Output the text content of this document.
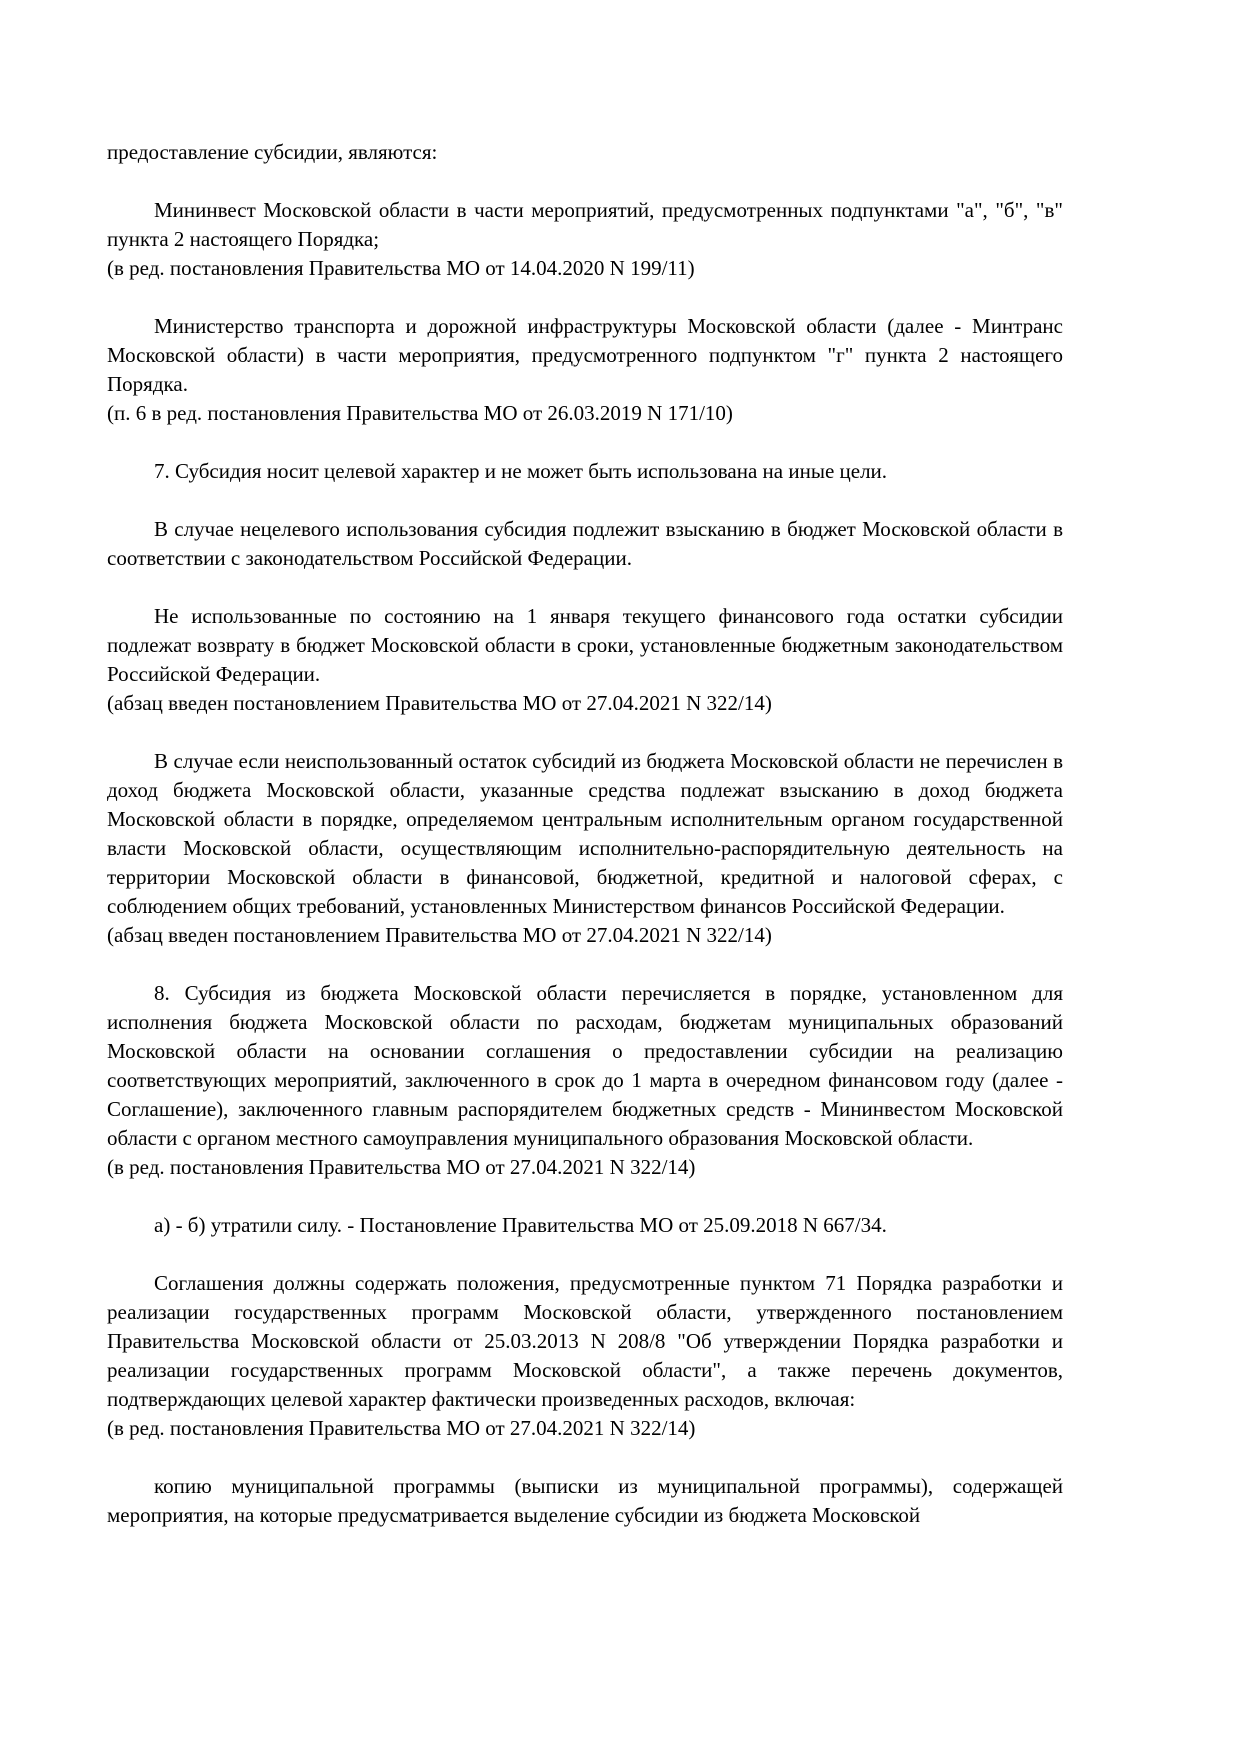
предоставление субсидии, являются:

Мининвест Московской области в части мероприятий, предусмотренных подпунктами "а", "б", "в" пункта 2 настоящего Порядка;

(в ред. постановления Правительства МО от 14.04.2020 N 199/11)

Министерство транспорта и дорожной инфраструктуры Московской области (далее - Минтранс Московской области) в части мероприятия, предусмотренного подпунктом "г" пункта 2 настоящего Порядка.

(п. 6 в ред. постановления Правительства МО от 26.03.2019 N 171/10)

7. Субсидия носит целевой характер и не может быть использована на иные цели.

В случае нецелевого использования субсидия подлежит взысканию в бюджет Московской области в соответствии с законодательством Российской Федерации.

Не использованные по состоянию на 1 января текущего финансового года остатки субсидии подлежат возврату в бюджет Московской области в сроки, установленные бюджетным законодательством Российской Федерации.

(абзац введен постановлением Правительства МО от 27.04.2021 N 322/14)

В случае если неиспользованный остаток субсидий из бюджета Московской области не перечислен в доход бюджета Московской области, указанные средства подлежат взысканию в доход бюджета Московской области в порядке, определяемом центральным исполнительным органом государственной власти Московской области, осуществляющим исполнительно-распорядительную деятельность на территории Московской области в финансовой, бюджетной, кредитной и налоговой сферах, с соблюдением общих требований, установленных Министерством финансов Российской Федерации.

(абзац введен постановлением Правительства МО от 27.04.2021 N 322/14)

8. Субсидия из бюджета Московской области перечисляется в порядке, установленном для исполнения бюджета Московской области по расходам, бюджетам муниципальных образований Московской области на основании соглашения о предоставлении субсидии на реализацию соответствующих мероприятий, заключенного в срок до 1 марта в очередном финансовом году (далее - Соглашение), заключенного главным распорядителем бюджетных средств - Мининвестом Московской области с органом местного самоуправления муниципального образования Московской области.

(в ред. постановления Правительства МО от 27.04.2021 N 322/14)

а) - б) утратили силу. - Постановление Правительства МО от 25.09.2018 N 667/34.

Соглашения должны содержать положения, предусмотренные пунктом 71 Порядка разработки и реализации государственных программ Московской области, утвержденного постановлением Правительства Московской области от 25.03.2013 N 208/8 "Об утверждении Порядка разработки и реализации государственных программ Московской области", а также перечень документов, подтверждающих целевой характер фактически произведенных расходов, включая:

(в ред. постановления Правительства МО от 27.04.2021 N 322/14)

копию муниципальной программы (выписки из муниципальной программы), содержащей мероприятия, на которые предусматривается выделение субсидии из бюджета Московской
